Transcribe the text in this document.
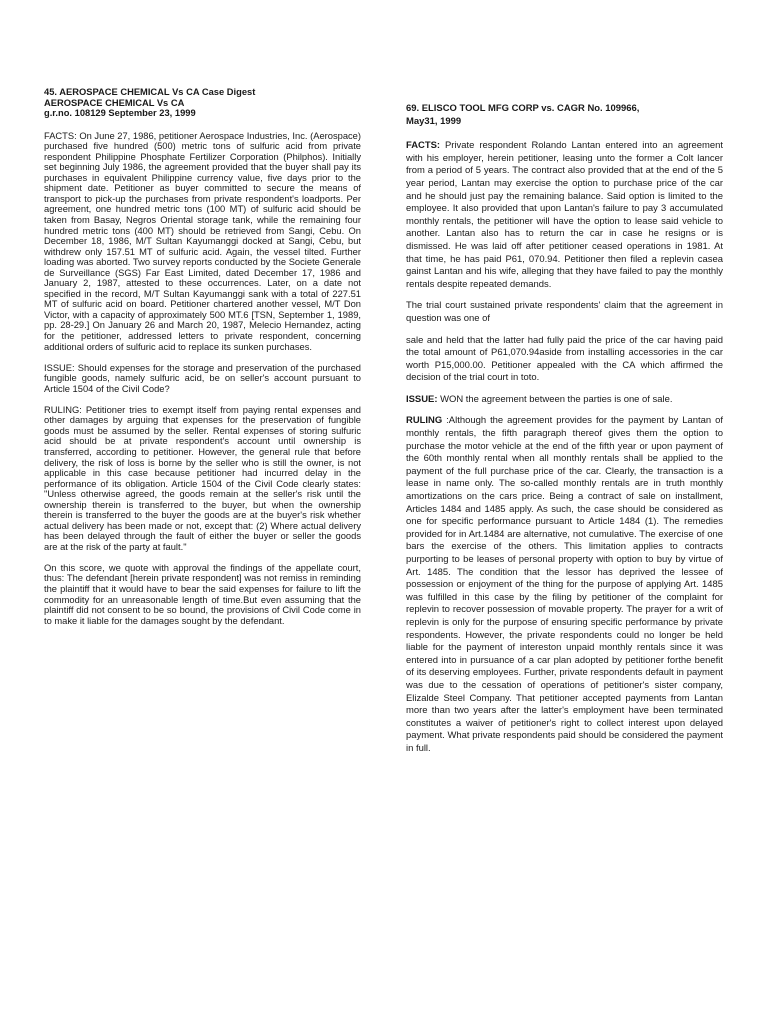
45. AEROSPACE CHEMICAL Vs CA Case Digest
AEROSPACE CHEMICAL Vs CA
g.r.no. 108129 September 23, 1999

FACTS: On June 27, 1986, petitioner Aerospace Industries, Inc. (Aerospace) purchased five hundred (500) metric tons of sulfuric acid from private respondent Philippine Phosphate Fertilizer Corporation (Philphos). Initially set beginning July 1986, the agreement provided that the buyer shall pay its purchases in equivalent Philippine currency value, five days prior to the shipment date. Petitioner as buyer committed to secure the means of transport to pick-up the purchases from private respondent's loadports. Per agreement, one hundred metric tons (100 MT) of sulfuric acid should be taken from Basay, Negros Oriental storage tank, while the remaining four hundred metric tons (400 MT) should be retrieved from Sangi, Cebu. On December 18, 1986, M/T Sultan Kayumanggi docked at Sangi, Cebu, but withdrew only 157.51 MT of sulfuric acid. Again, the vessel tilted. Further loading was aborted. Two survey reports conducted by the Societe Generale de Surveillance (SGS) Far East Limited, dated December 17, 1986 and January 2, 1987, attested to these occurrences. Later, on a date not specified in the record, M/T Sultan Kayumanggi sank with a total of 227.51 MT of sulfuric acid on board. Petitioner chartered another vessel, M/T Don Victor, with a capacity of approximately 500 MT.6 [TSN, September 1, 1989, pp. 28-29.] On January 26 and March 20, 1987, Melecio Hernandez, acting for the petitioner, addressed letters to private respondent, concerning additional orders of sulfuric acid to replace its sunken purchases.

ISSUE: Should expenses for the storage and preservation of the purchased fungible goods, namely sulfuric acid, be on seller's account pursuant to Article 1504 of the Civil Code?

RULING: Petitioner tries to exempt itself from paying rental expenses and other damages by arguing that expenses for the preservation of fungible goods must be assumed by the seller. Rental expenses of storing sulfuric acid should be at private respondent's account until ownership is transferred, according to petitioner. However, the general rule that before delivery, the risk of loss is borne by the seller who is still the owner, is not applicable in this case because petitioner had incurred delay in the performance of its obligation. Article 1504 of the Civil Code clearly states: "Unless otherwise agreed, the goods remain at the seller's risk until the ownership therein is transferred to the buyer, but when the ownership therein is transferred to the buyer the goods are at the buyer's risk whether actual delivery has been made or not, except that: (2) Where actual delivery has been delayed through the fault of either the buyer or seller the goods are at the risk of the party at fault."

On this score, we quote with approval the findings of the appellate court, thus: The defendant [herein private respondent] was not remiss in reminding the plaintiff that it would have to bear the said expenses for failure to lift the commodity for an unreasonable length of time.But even assuming that the plaintiff did not consent to be so bound, the provisions of Civil Code come in to make it liable for the damages sought by the defendant.

69. ELISCO TOOL MFG CORP vs. CAGR No. 109966,
May31, 1999

FACTS: Private respondent Rolando Lantan entered into an agreement with his employer, herein petitioner, leasing unto the former a Colt lancer from a period of 5 years. The contract also provided that at the end of the 5 year period, Lantan may exercise the option to purchase price of the car and he should just pay the remaining balance. Said option is limited to the employee. It also provided that upon Lantan's failure to pay 3 accumulated monthly rentals, the petitioner will have the option to lease said vehicle to another. Lantan also has to return the car in case he resigns or is dismissed. He was laid off after petitioner ceased operations in 1981. At that time, he has paid P61, 070.94. Petitioner then filed a replevin casea gainst Lantan and his wife, alleging that they have failed to pay the monthly rentals despite repeated demands.

The trial court sustained private respondents' claim that the agreement in question was one of

sale and held that the latter had fully paid the price of the car having paid the total amount of P61,070.94aside from installing accessories in the car worth P15,000.00. Petitioner appealed with the CA which affirmed the decision of the trial court in toto.

ISSUE: WON the agreement between the parties is one of sale.

RULING :Although the agreement provides for the payment by Lantan of monthly rentals, the fifth paragraph thereof gives them the option to purchase the motor vehicle at the end of the fifth year or upon payment of the 60th monthly rental when all monthly rentals shall be applied to the payment of the full purchase price of the car. Clearly, the transaction is a lease in name only. The so-called monthly rentals are in truth monthly amortizations on the cars price. Being a contract of sale on installment, Articles 1484 and 1485 apply. As such, the case should be considered as one for specific performance pursuant to Article 1484 (1). The remedies provided for in Art.1484 are alternative, not cumulative. The exercise of one bars the exercise of the others. This limitation applies to contracts purporting to be leases of personal property with option to buy by virtue of Art. 1485. The condition that the lessor has deprived the lessee of possession or enjoyment of the thing for the purpose of applying Art. 1485 was fulfilled in this case by the filing by petitioner of the complaint for replevin to recover possession of movable property. The prayer for a writ of replevin is only for the purpose of ensuring specific performance by private respondents. However, the private respondents could no longer be held liable for the payment of intereston unpaid monthly rentals since it was entered into in pursuance of a car plan adopted by petitioner forthe benefit of its deserving employees. Further, private respondents default in payment was due to the cessation of operations of petitioner's sister company, Elizalde Steel Company. That petitioner accepted payments from Lantan more than two years after the latter's employment have been terminated constitutes a waiver of petitioner's right to collect interest upon delayed payment. What private respondents paid should be considered the payment in full.
